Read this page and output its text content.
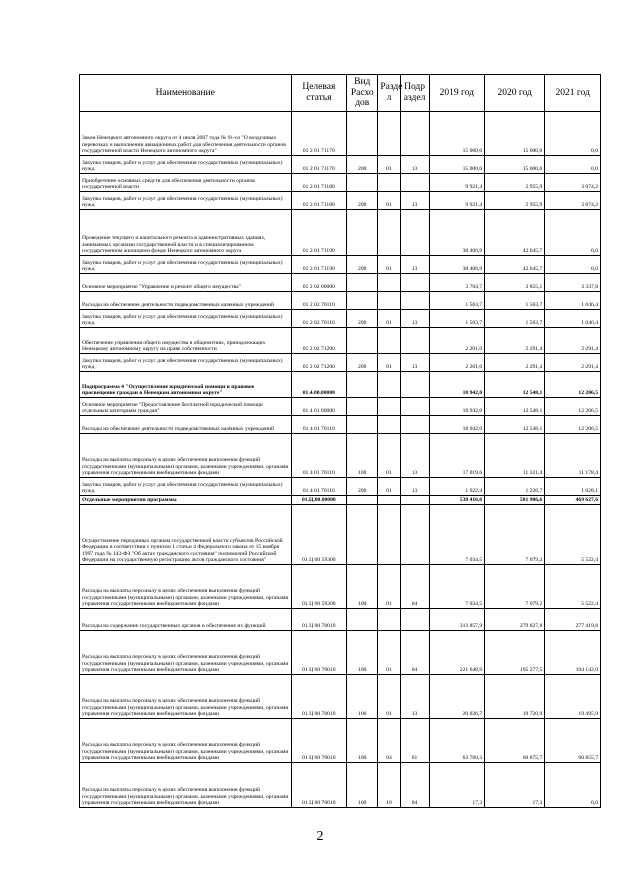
Наименование	Целевая статья	Вид Расхо дов	Разде л	Подр аздел	2019 год	2020 год	2021 год
Закон Ненецкого автономного округа от 4 июля 2007 года № 91-оз "О воздушных перевозках и выполнении авиационных работ для обеспечения деятельности органов государственной власти Ненецкого автономного округа"	01 2 01 71170				15 000,0	15 000,0	0,0
Закупка товаров, работ и услуг для обеспечения государственных (муниципальных) нужд	01 2 01 71170	200	01	13	15 000,0	15 000,0	0,0
Приобретение основных средств для обеспечения деятельности органов государственной власти	01 2 01 71180				9 921,4	2 955,9	3 074,2
Закупка товаров, работ и услуг для обеспечения государственных (муниципальных) нужд	01 2 01 71180	200	01	13	9 921,4	2 955,9	3 074,2
Проведение текущего и капитального ремонта в административных зданиях, занимаемых органами государственной власти и в специализированном государственном жилищном фонде Ненецкого автономного округа	01 2 01 71190				38 406,9	42 645,7	0,0
Закупка товаров, работ и услуг для обеспечения государственных (муниципальных) нужд	01 2 01 71190	200	01	13	38 406,9	42 645,7	0,0
Основное мероприятие "Управление и ремонт общего имущества"	01 2 02 00000				3 764,7	3 855,1	3 337,8
Расходы на обеспечение деятельности подведомственных казенных учреждений	01 2 02 70110				1 563,7	1 563,7	1 046,4
Закупка товаров, работ и услуг для обеспечения государственных (муниципальных) нужд	01 2 02 70110	200	01	13	1 563,7	1 563,7	1 046,4
Обеспечение управления общего имущества в общежитиях, принадлежащих Ненецкому автономному округу на праве собственности	01 2 02 71200				2 201,0	2 291,4	2 291,4
Закупка товаров, работ и услуг для обеспечения государственных (муниципальных) нужд	01 2 02 71200	200	01	13	2 201,0	2 291,4	2 291,4
Подпрограмма 4 "Осуществление юридической помощи и правовое просвещение граждан в Ненецком автономном округе"	01.4.00.00000				18 942,0	12 548,1	12 206,5
Основное мероприятие "Предоставление бесплатной юридической помощи отдельным категориям граждан"	01 4 01 00000				18 942,0	12 548,1	12 206,5
Расходы на обеспечение деятельности подведомственных казённых учреждений	01 4 01 70110				18 942,0	12 548,1	12 206,5
Расходы на выплаты персоналу в целях обеспечения выполнения функций государственными (муниципальными) органами, казенными учреждениями, органами управления государственными внебюджетными фондами	01 4 01 70110	100	01	13	17 019,6	11 321,4	11 178,4
Закупка товаров, работ и услуг для обеспечения государственных (муниципальных) нужд	01 4 01 70110	200	01	13	1 922,4	1 226,7	1 028,1
Отдельные мероприятия программы	01.Ц.00.00000				538 416,6	501 986,6	469 627,6
Осуществление переданных органам государственной власти субъектов Российской Федерации в соответствии с пунктом 1 статьи 4 Федерального закона от 15 ноября 1997 года № 143-ФЗ "Об актах гражданского состояния" полномочий Российской Федерации на государственную регистрацию актов гражданского состояния"	01 Ц 00 59300				7 034,5	7 079,2	5 522,4
Расходы на выплаты персоналу в целях обеспечения выполнения функций государственными (муниципальными) органами, казенными учреждениями, органами управления государственными внебюджетными фондами	01 Ц 00 59300	100	01	04	7 034,5	7 079,2	5 522,4
Расходы на содержание государственных органов и обеспечение их функций	01 Ц 00 70010				313 857,9	279 827,8	277 419,8
Расходы на выплаты персоналу в целях обеспечения выполнения функций государственными (муниципальными) органами, казенными учреждениями, органами управления государственными внебюджетными фондами	01 Ц 00 70010	100	01	04	221 648,9	195 277,5	194 142,0
Расходы на выплаты персоналу в целях обеспечения выполнения функций государственными (муниципальными) органами, казенными учреждениями, органами управления государственными внебюджетными фондами	01 Ц 00 70010	100	01	13	20 026,7	19 720,9	19 495,9
Расходы на выплаты персоналу в целях обеспечения выполнения функций государственными (муниципальными) органами, казенными учреждениями, органами управления государственными внебюджетными фондами	01 Ц 00 70010	100	04	01	63 760,3	60 875,7	60 855,7
Расходы на выплаты персоналу в целях обеспечения выполнения функций государственными (муниципальными) органами, казенными учреждениями, органами управления государственными внебюджетными фондами	01 Ц 00 70010	100	10	04	17,3	17,3	0,0
2
